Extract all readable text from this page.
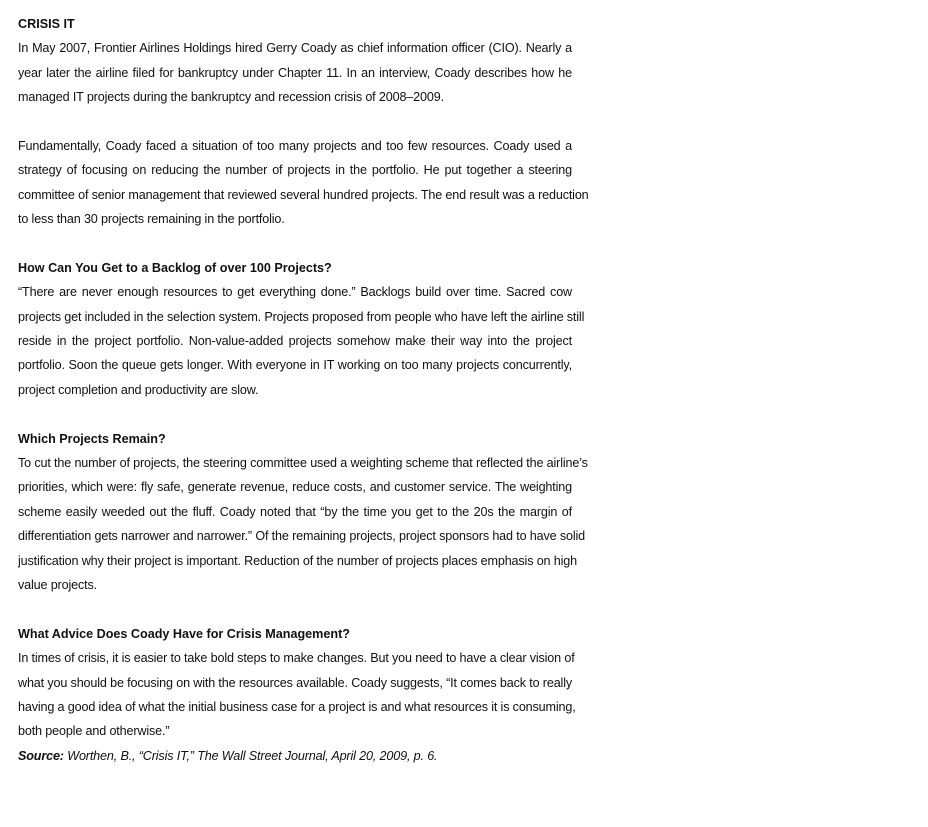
CRISIS IT
In May 2007, Frontier Airlines Holdings hired Gerry Coady as chief information officer (CIO). Nearly a
year later the airline filed for bankruptcy under Chapter 11. In an interview, Coady describes how he
managed IT projects during the bankruptcy and recession crisis of 2008–2009.
Fundamentally, Coady faced a situation of too many projects and too few resources. Coady used a
strategy of focusing on reducing the number of projects in the portfolio. He put together a steering
committee of senior management that reviewed several hundred projects. The end result was a reduction
to less than 30 projects remaining in the portfolio.
How Can You Get to a Backlog of over 100 Projects?
“There are never enough resources to get everything done.” Backlogs build over time. Sacred cow
projects get included in the selection system. Projects proposed from people who have left the airline still
reside in the project portfolio. Non-value-added projects somehow make their way into the project
portfolio. Soon the queue gets longer. With everyone in IT working on too many projects concurrently,
project completion and productivity are slow.
Which Projects Remain?
To cut the number of projects, the steering committee used a weighting scheme that reflected the airline’s
priorities, which were: fly safe, generate revenue, reduce costs, and customer service. The weighting
scheme easily weeded out the fluff. Coady noted that “by the time you get to the 20s the margin of
differentiation gets narrower and narrower.” Of the remaining projects, project sponsors had to have solid
justification why their project is important. Reduction of the number of projects places emphasis on high
value projects.
What Advice Does Coady Have for Crisis Management?
In times of crisis, it is easier to take bold steps to make changes. But you need to have a clear vision of
what you should be focusing on with the resources available. Coady suggests, “It comes back to really
having a good idea of what the initial business case for a project is and what resources it is consuming,
both people and otherwise.”
Source: Worthen, B., “Crisis IT,” The Wall Street Journal, April 20, 2009, p. 6.
